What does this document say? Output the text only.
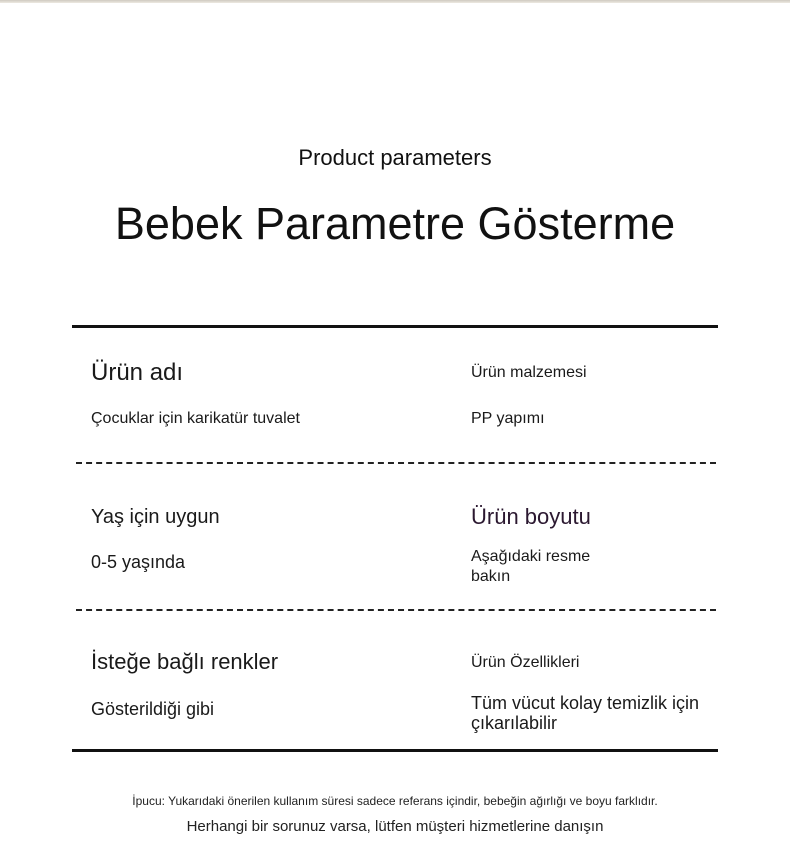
Product parameters
Bebek Parametre Gösterme
Ürün adı
Çocuklar için karikatür tuvalet
Ürün malzemesi
PP yapımı
Yaş için uygun
0-5 yaşında
Ürün boyutu
Aşağıdaki resme
bakın
İsteğe bağlı renkler
Gösterildiği gibi
Ürün Özellikleri
Tüm vücut kolay temizlik için
çıkarılabilir
İpucu: Yukarıdaki önerilen kullanım süresi sadece referans içindir, bebeğin ağırlığı ve boyu farklıdır.
Herhangi bir sorunuz varsa, lütfen müşteri hizmetlerine danışın
